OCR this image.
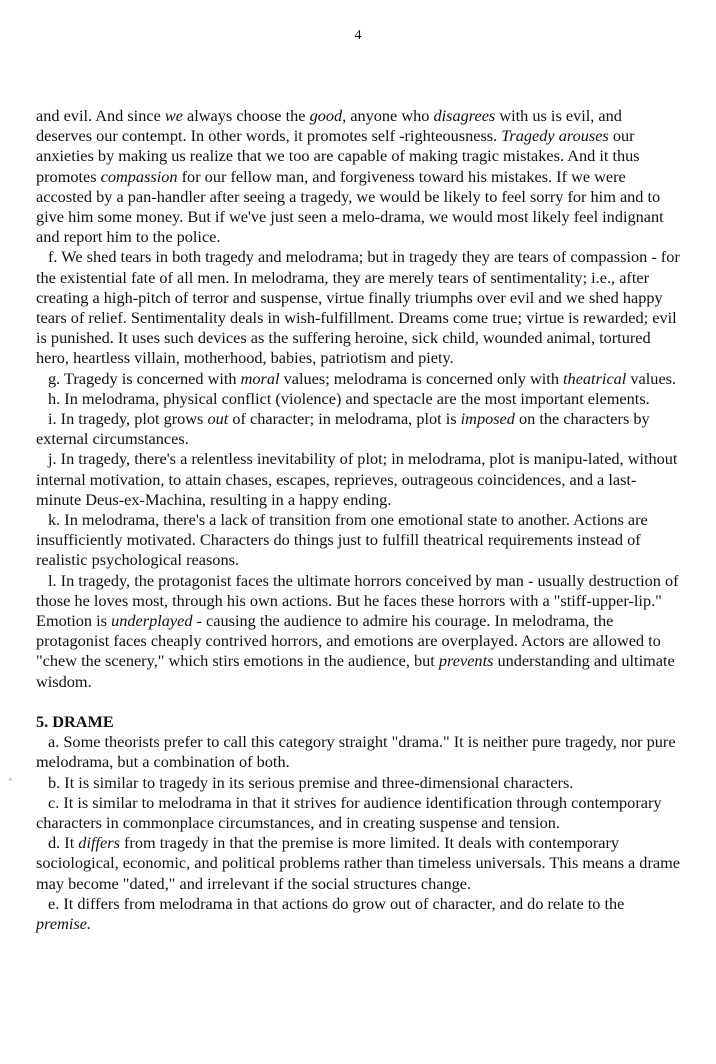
4

and evil. And since we always choose the good, anyone who disagrees with us is evil, and deserves our contempt. In other words, it promotes self -righteousness. Tragedy arouses our anxieties by making us realize that we too are capable of making tragic mistakes. And it thus promotes compassion for our fellow man, and forgiveness toward his mistakes. If we were accosted by a pan-handler after seeing a tragedy, we would be likely to feel sorry for him and to give him some money. But if we've just seen a melo-drama, we would most likely feel indignant and report him to the police.

f. We shed tears in both tragedy and melodrama; but in tragedy they are tears of compassion - for the existential fate of all men. In melodrama, they are merely tears of sentimentality; i.e., after creating a high-pitch of terror and suspense, virtue finally triumphs over evil and we shed happy tears of relief. Sentimentality deals in wish-fulfillment. Dreams come true; virtue is rewarded; evil is punished. It uses such devices as the suffering heroine, sick child, wounded animal, tortured hero, heartless villain, motherhood, babies, patriotism and piety.

g. Tragedy is concerned with moral values; melodrama is concerned only with theatrical values.

h. In melodrama, physical conflict (violence) and spectacle are the most important elements.

i. In tragedy, plot grows out of character; in melodrama, plot is imposed on the characters by external circumstances.

j. In tragedy, there's a relentless inevitability of plot; in melodrama, plot is manipu-lated, without internal motivation, to attain chases, escapes, reprieves, outrageous coincidences, and a last-minute Deus-ex-Machina, resulting in a happy ending.

k. In melodrama, there's a lack of transition from one emotional state to another. Actions are insufficiently motivated. Characters do things just to fulfill theatrical requirements instead of realistic psychological reasons.

l. In tragedy, the protagonist faces the ultimate horrors conceived by man - usually destruction of those he loves most, through his own actions. But he faces these horrors with a "stiff-upper-lip." Emotion is underplayed - causing the audience to admire his courage. In melodrama, the protagonist faces cheaply contrived horrors, and emotions are overplayed. Actors are allowed to "chew the scenery," which stirs emotions in the audience, but prevents understanding and ultimate wisdom.

5. DRAME

a. Some theorists prefer to call this category straight "drama." It is neither pure tragedy, nor pure melodrama, but a combination of both.

b. It is similar to tragedy in its serious premise and three-dimensional characters.

c. It is similar to melodrama in that it strives for audience identification through contemporary characters in commonplace circumstances, and in creating suspense and tension.

d. It differs from tragedy in that the premise is more limited. It deals with contemporary sociological, economic, and political problems rather than timeless universals. This means a drame may become "dated," and irrelevant if the social structures change.

e. It differs from melodrama in that actions do grow out of character, and do relate to the premise.
